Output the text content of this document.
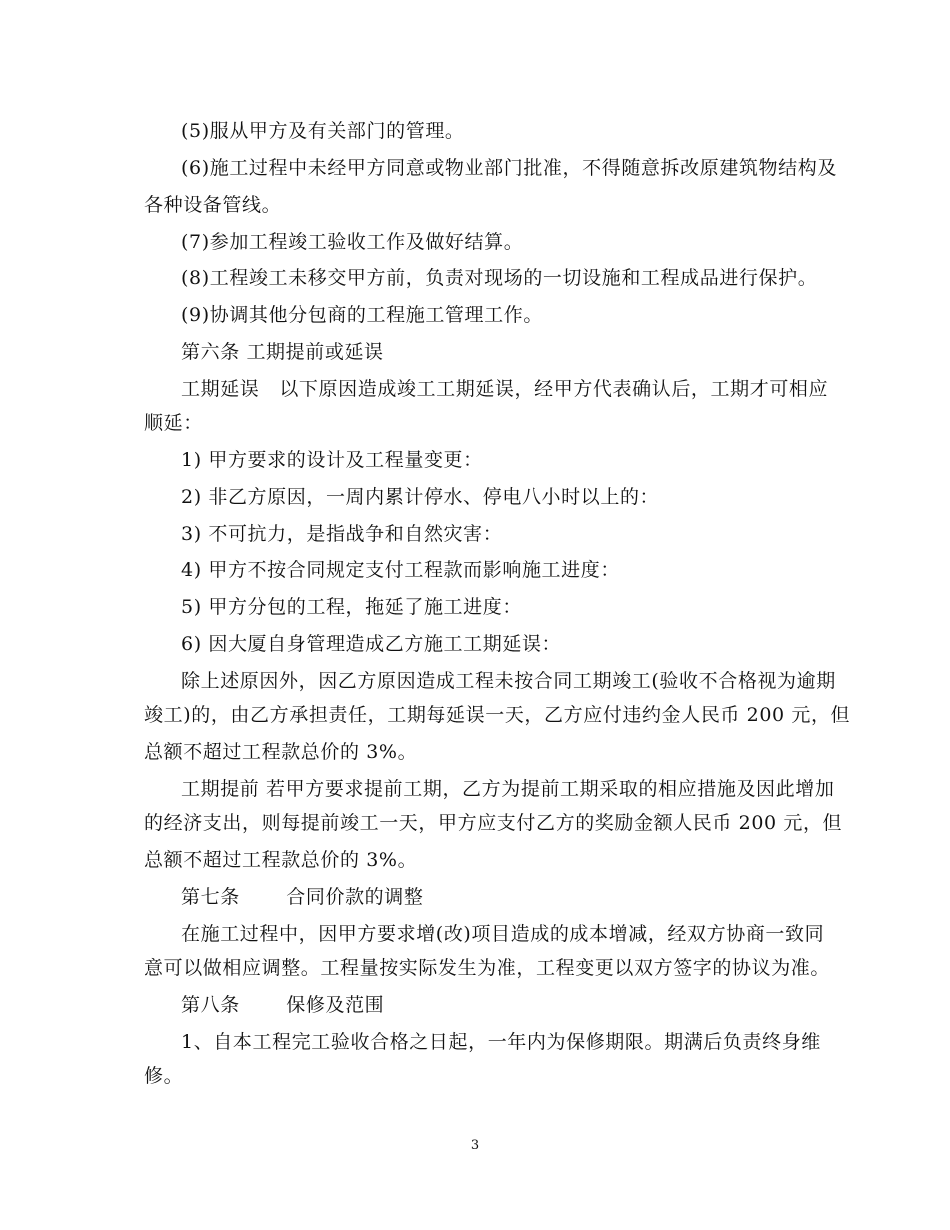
(5)服从甲方及有关部门的管理。
(6)施工过程中未经甲方同意或物业部门批准，不得随意拆改原建筑物结构及
各种设备管线。
(7)参加工程竣工验收工作及做好结算。
(8)工程竣工未移交甲方前，负责对现场的一切设施和工程成品进行保护。
(9)协调其他分包商的工程施工管理工作。
第六条 工期提前或延误
工期延误   以下原因造成竣工工期延误，经甲方代表确认后，工期才可相应
顺延：
1) 甲方要求的设计及工程量变更：
2) 非乙方原因，一周内累计停水、停电八小时以上的：
3) 不可抗力，是指战争和自然灾害：
4) 甲方不按合同规定支付工程款而影响施工进度：
5) 甲方分包的工程，拖延了施工进度：
6) 因大厦自身管理造成乙方施工工期延误：
除上述原因外，因乙方原因造成工程未按合同工期竣工(验收不合格视为逾期
竣工)的，由乙方承担责任，工期每延误一天，乙方应付违约金人民币 200 元，但
总额不超过工程款总价的 3%。
工期提前 若甲方要求提前工期，乙方为提前工期采取的相应措施及因此增加
的经济支出，则每提前竣工一天，甲方应支付乙方的奖励金额人民币 200 元，但
总额不超过工程款总价的 3%。
第七条       合同价款的调整
在施工过程中，因甲方要求增(改)项目造成的成本增减，经双方协商一致同
意可以做相应调整。工程量按实际发生为准，工程变更以双方签字的协议为准。
第八条       保修及范围
1、自本工程完工验收合格之日起，一年内为保修期限。期满后负责终身维
修。
3
